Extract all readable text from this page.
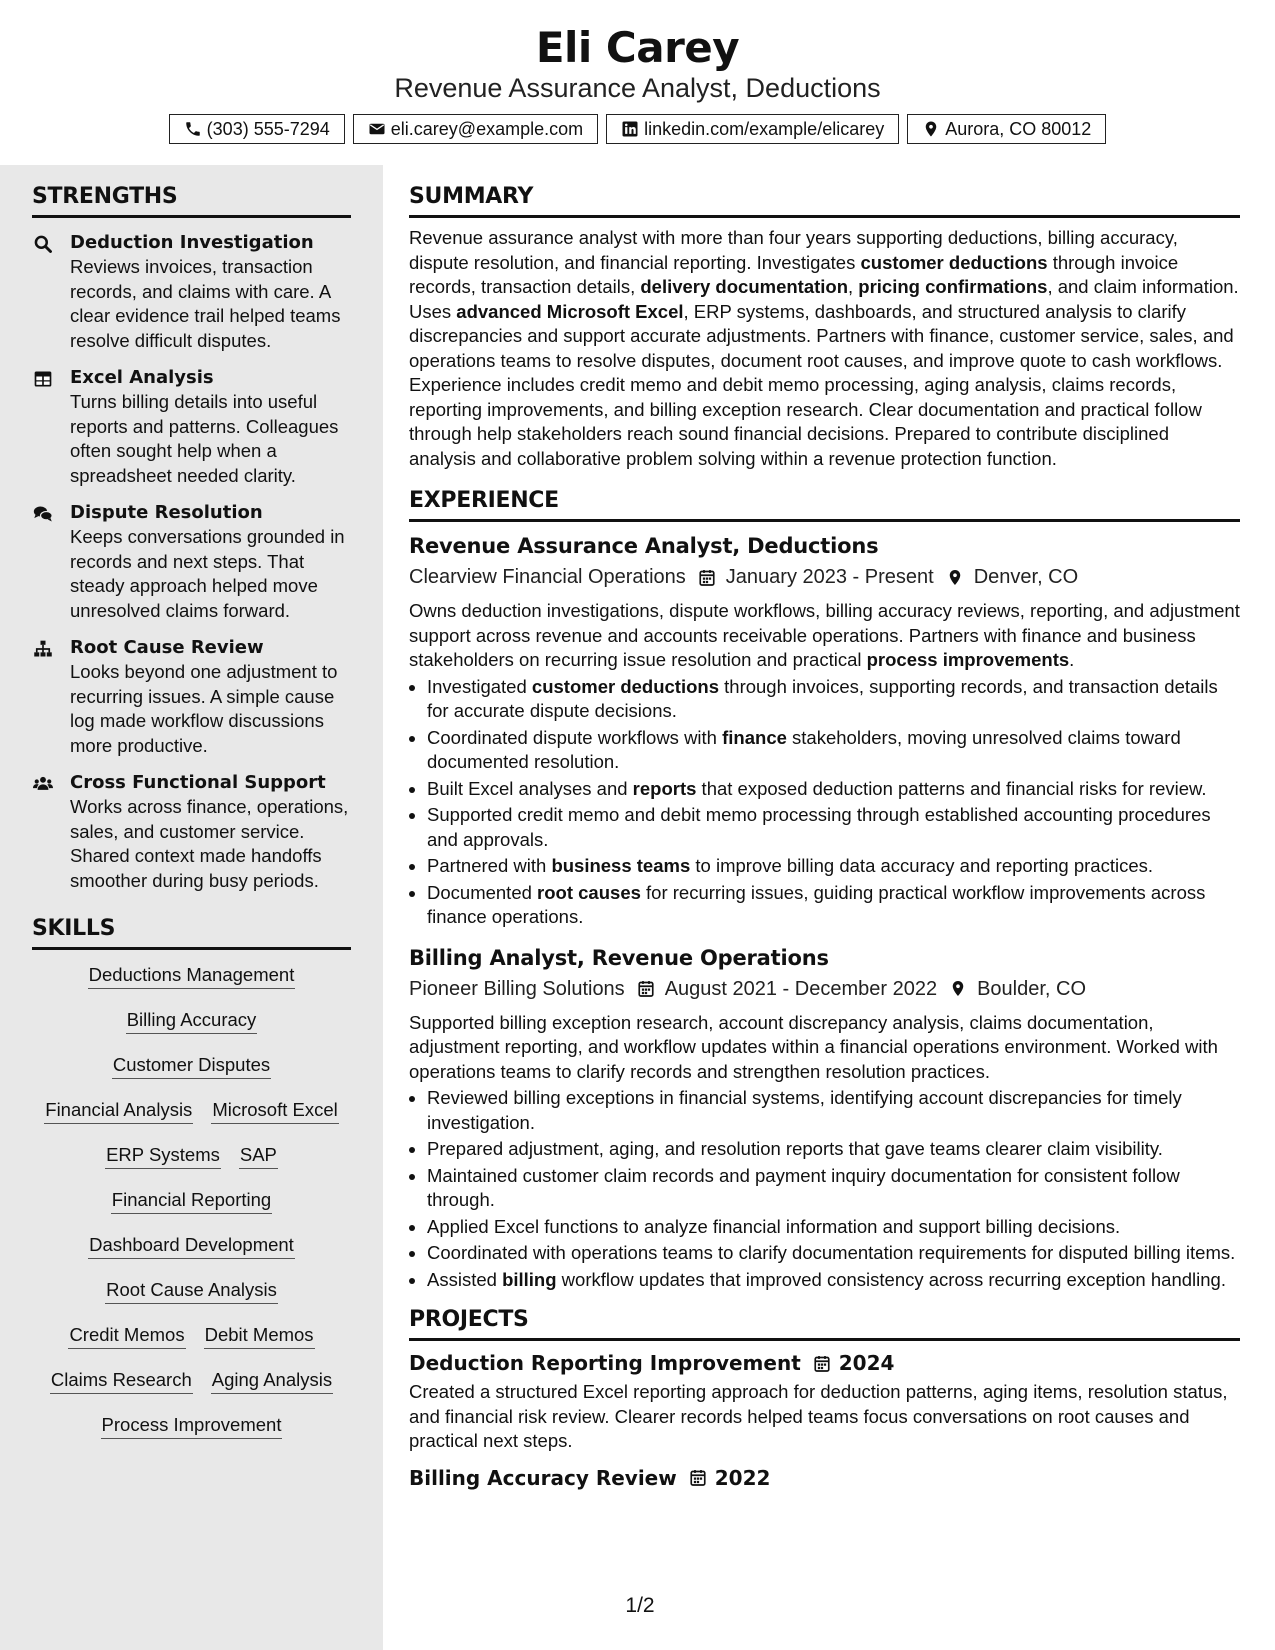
Eli Carey
Revenue Assurance Analyst, Deductions
(303) 555-7294	eli.carey@example.com	linkedin.com/example/elicarey	Aurora, CO 80012
STRENGTHS
Deduction Investigation
Reviews invoices, transaction records, and claims with care. A clear evidence trail helped teams resolve difficult disputes.
Excel Analysis
Turns billing details into useful reports and patterns. Colleagues often sought help when a spreadsheet needed clarity.
Dispute Resolution
Keeps conversations grounded in records and next steps. That steady approach helped move unresolved claims forward.
Root Cause Review
Looks beyond one adjustment to recurring issues. A simple cause log made workflow discussions more productive.
Cross Functional Support
Works across finance, operations, sales, and customer service. Shared context made handoffs smoother during busy periods.
SKILLS
Deductions Management
Billing Accuracy
Customer Disputes
Financial Analysis Microsoft Excel
ERP Systems SAP
Financial Reporting
Dashboard Development
Root Cause Analysis
Credit Memos Debit Memos
Claims Research Aging Analysis
Process Improvement
SUMMARY

Revenue assurance analyst with more than four years supporting deductions, billing accuracy, dispute resolution, and financial reporting. Investigates customer deductions through invoice records, transaction details, delivery documentation, pricing confirmations, and claim information. Uses advanced Microsoft Excel, ERP systems, dashboards, and structured analysis to clarify discrepancies and support accurate adjustments. Partners with finance, customer service, sales, and operations teams to resolve disputes, document root causes, and improve quote to cash workflows. Experience includes credit memo and debit memo processing, aging analysis, claims records, reporting improvements, and billing exception research. Clear documentation and practical follow through help stakeholders reach sound financial decisions. Prepared to contribute disciplined analysis and collaborative problem solving within a revenue protection function.

EXPERIENCE
Revenue Assurance Analyst, Deductions
Clearview Financial Operations January 2023 - Present Denver, CO

Owns deduction investigations, dispute workflows, billing accuracy reviews, reporting, and adjustment support across revenue and accounts receivable operations. Partners with finance and business stakeholders on recurring issue resolution and practical process improvements.

• Investigated customer deductions through invoices, supporting records, and transaction details for accurate dispute decisions.
• Coordinated dispute workflows with finance stakeholders, moving unresolved claims toward documented resolution.
• Built Excel analyses and reports that exposed deduction patterns and financial risks for review.
• Supported credit memo and debit memo processing through established accounting procedures and approvals.
• Partnered with business teams to improve billing data accuracy and reporting practices.
• Documented root causes for recurring issues, guiding practical workflow improvements across finance operations.
Billing Analyst, Revenue Operations
Pioneer Billing Solutions August 2021 - December 2022 Boulder, CO

Supported billing exception research, account discrepancy analysis, claims documentation, adjustment reporting, and workflow updates within a financial operations environment. Worked with operations teams to clarify records and strengthen resolution practices.

• Reviewed billing exceptions in financial systems, identifying account discrepancies for timely investigation.
• Prepared adjustment, aging, and resolution reports that gave teams clearer claim visibility.
• Maintained customer claim records and payment inquiry documentation for consistent follow through.
• Applied Excel functions to analyze financial information and support billing decisions.
• Coordinated with operations teams to clarify documentation requirements for disputed billing items.
• Assisted billing workflow updates that improved consistency across recurring exception handling.
PROJECTS
Deduction Reporting Improvement 2024

Created a structured Excel reporting approach for deduction patterns, aging items, resolution status, and financial risk review. Clearer records helped teams focus conversations on root causes and practical next steps.

Billing Accuracy Review 2022
1/2
